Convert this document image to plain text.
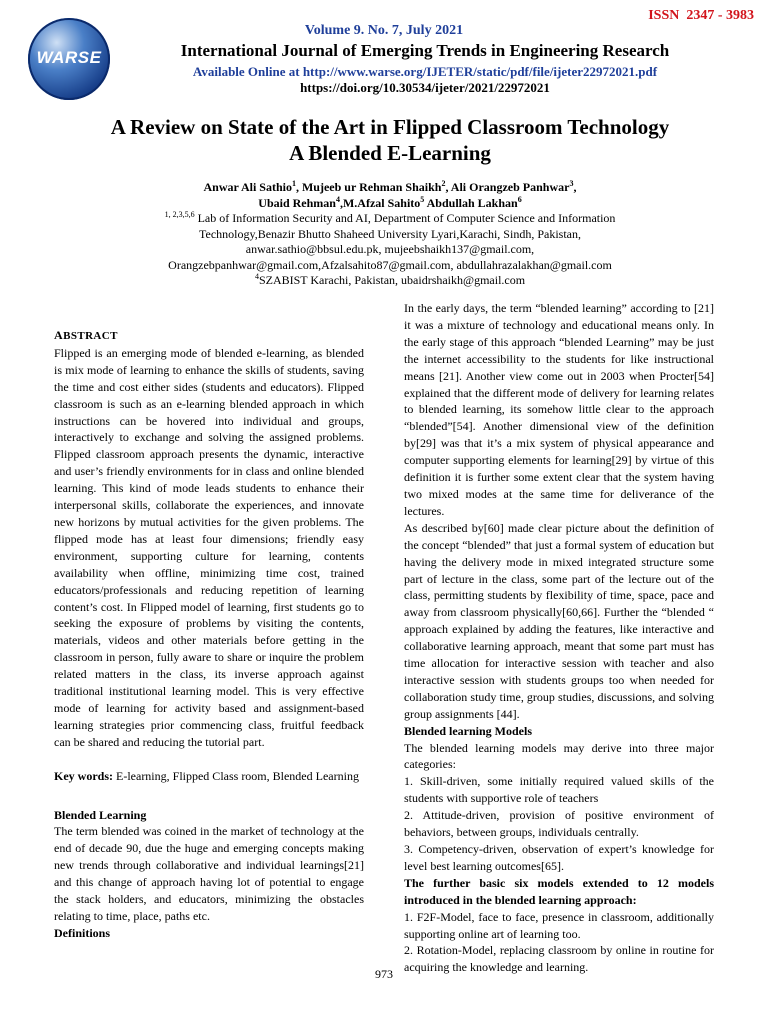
WARSE
ISSN  2347 - 3983
Volume 9. No. 7, July 2021
International Journal of Emerging Trends in Engineering Research
Available Online at http://www.warse.org/IJETER/static/pdf/file/ijeter22972021.pdf
https://doi.org/10.30534/ijeter/2021/22972021
A Review on State of the Art in Flipped Classroom Technology
A Blended E-Learning
Anwar Ali Sathio$^1$, Mujeeb ur Rehman Shaikh$^2$, Ali Orangzeb Panhwar$^3$,
Ubaid Rehman$^4$,M.Afzal Sahito$^5$ Abdullah Lakhan$^6$
$^{1, 2,3,5,6}$ Lab of Information Security and AI, Department of Computer Science and Information
Technology,Benazir Bhutto Shaheed University Lyari,Karachi, Sindh, Pakistan,
anwar.sathio@bbsul.edu.pk, mujeebshaikh137@gmail.com,
Orangzebpanhwar@gmail.com,Afzalsahito87@gmail.com, abdullahrazalakhan@gmail.com
$^4$SZABIST Karachi, Pakistan, ubaidrshaikh@gmail.com

ABSTRACT

Flipped is an emerging mode of blended e-learning, as blended is mix mode of learning to enhance the skills of students, saving the time and cost either sides (students and educators). Flipped classroom is such as an e-learning blended approach in which instructions can be hovered into individual and groups, interactively to exchange and solving the assigned problems. Flipped classroom approach presents the dynamic, interactive and user’s friendly environments for in class and online blended learning. This kind of mode leads students to enhance their interpersonal skills, collaborate the experiences, and innovate new horizons by mutual activities for the given problems. The flipped mode has at least four dimensions; friendly easy environment, supporting culture for learning, contents availability when offline, minimizing time cost, trained educators/professionals and reducing repetition of learning content’s cost. In Flipped model of learning, first students go to seeking the exposure of problems by visiting the contents, materials, videos and other materials before getting in the classroom in person, fully aware to share or inquire the problem related matters in the class, its inverse approach against traditional institutional learning model. This is very effective mode of learning for activity based and assignment-based learning strategies prior commencing class, fruitful feedback can be shared and reducing the tutorial part.

Key words: E-learning, Flipped Class room, Blended Learning

Blended Learning

The term blended was coined in the market of technology at the end of decade 90, due the huge and emerging concepts making new trends through collaborative and individual learnings[21] and this change of approach having lot of potential to engage the stack holders, and educators, minimizing the obstacles relating to time, place, paths etc.

Definitions

In the early days, the term “blended learning” according to [21] it was a mixture of technology and educational means only. In the early stage of this approach “blended Learning” may be just the internet accessibility to the students for like instructional means [21]. Another view come out in 2003 when Procter[54] explained that the different mode of delivery for learning relates to blended learning, its somehow little clear to the approach “blended”[54]. Another dimensional view of the definition by[29] was that it’s a mix system of physical appearance and computer supporting elements for learning[29] by virtue of this definition it is further some extent clear that the system having two mixed modes at the same time for deliverance of the lectures.

As described by[60] made clear picture about the definition of the concept “blended” that just a formal system of education but having the delivery mode in mixed integrated structure some part of lecture in the class, some part of the lecture out of the class, permitting students by flexibility of time, space, pace and away from classroom physically[60,66]. Further the “blended “ approach explained by adding the features, like interactive and collaborative learning approach, meant that some part must has time allocation for interactive session with teacher and also interactive session with students groups too when needed for collaboration study time, group studies, discussions, and solving group assignments [44].

Blended learning Models

The blended learning models may derive into three major categories:

1. Skill-driven, some initially required valued skills of the students with supportive role of teachers

2. Attitude-driven, provision of positive environment of behaviors, between groups, individuals centrally.

3. Competency-driven, observation of expert’s knowledge for level best learning outcomes[65].

The further basic six models extended to 12 models introduced in the blended learning approach:

1. F2F-Model, face to face, presence in classroom, additionally supporting online art of learning too.

2. Rotation-Model, replacing classroom by online in routine for acquiring the knowledge and learning.

973
